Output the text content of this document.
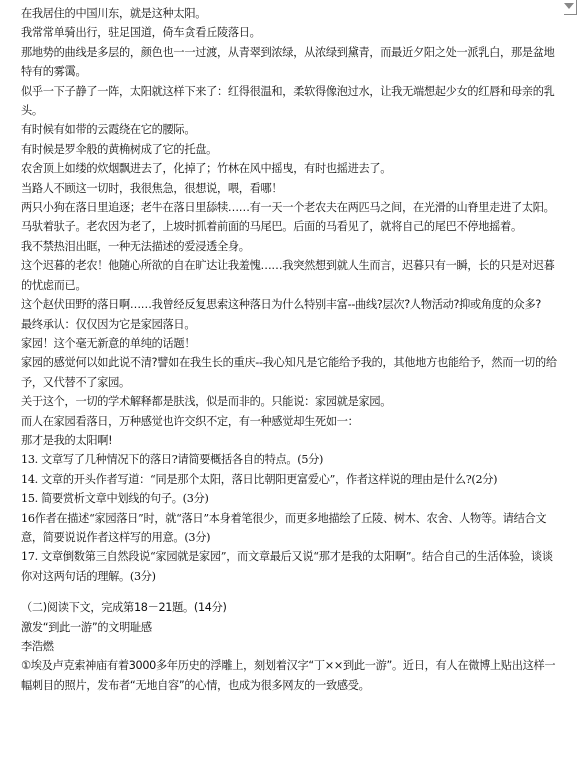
在我居住的中国川东，就是这种太阳。

我常常单骑出行，驻足国道，倚车贪看丘陵落日。

那地势的曲线是多层的，颜色也一一过渡，从青翠到浓绿，从浓绿到黛青，而最近夕阳之处一派乳白，那是盆地特有的雾霭。

似乎一下子静了一阵，太阳就这样下来了：红得很温和，柔软得像泡过水，让我无端想起少女的红唇和母亲的乳头。

有时候有如带的云霞绕在它的腰际。

有时候是罗伞般的黄桷树成了它的托盘。

农舍顶上如缕的炊烟飘进去了，化掉了；竹林在风中摇曳，有时也摇进去了。

当路人不顾这一切时，我很焦急，很想说，喂，看哪！

两只小狗在落日里追逐；老牛在落日里舔犊……有一天一个老农夫在两匹马之间，在光滑的山脊里走进了太阳。马驮着驮子。老农因为老了，上坡时抓着前面的马尾巴。后面的马看见了，就将自己的尾巴不停地摇着。

我不禁热泪出眶，一种无法描述的爱浸透全身。

这个迟暮的老农！他随心所欲的自在旷达让我羞愧……我突然想到就人生而言，迟暮只有一瞬，长的只是对迟暮的忧虑而已。

这个赵伏田野的落日啊……我曾经反复思索这种落日为什么特别丰富--曲线?层次?人物活动?抑或角度的众多?

最终承认：仅仅因为它是家园落日。

家园！这个毫无新意的单纯的话题！

家园的感觉何以如此说不清?譬如在我生长的重庆--我心知凡是它能给予我的，其他地方也能给予，然而一切的给予，又代替不了家园。

关于这个，一切的学术解释都是肤浅，似是而非的。只能说：家园就是家园。

而人在家园看落日，万种感觉也许交织不定，有一种感觉却生死如一：

那才是我的太阳啊!

13. 文章写了几种情况下的落日?请简要概括各自的特点。(5分)

14. 文章的开头作者写道：“同是那个太阳，落日比朝阳更富爱心”，作者这样说的理由是什么?(2分)

15. 简要赏析文章中划线的句子。(3分)

16作者在描述“家园落日”时，就“落日”本身着笔很少，而更多地描绘了丘陵、树木、农舍、人物等。请结合文意，简要说说作者这样写的用意。(3分)

17. 文章倒数第三自然段说“家园就是家园”，而文章最后又说“那才是我的太阳啊”。结合自己的生活体验，谈谈你对这两句话的理解。(3分)

（二)阅读下文，完成第18－21题。(14分)

激发“到此一游”的文明耻感

李浩燃

①埃及卢克索神庙有着3000多年历史的浮雕上，刻划着汉字“丁××到此一游”。近日，有人在微博上贴出这样一幅刺目的照片，发布者“无地自容”的心情，也成为很多网友的一致感受。
